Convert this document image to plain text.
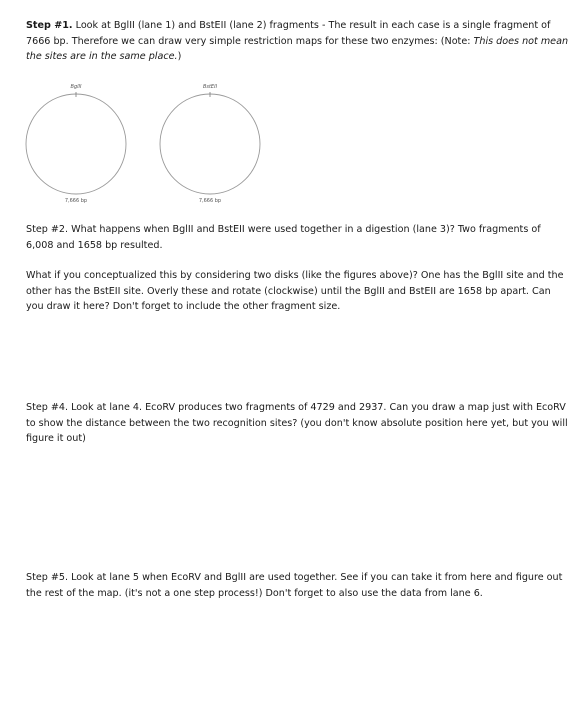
Step #1. Look at BglII (lane 1) and BstEII (lane 2) fragments - The result in each case is a single fragment of 7666 bp. Therefore we can draw very simple restriction maps for these two enzymes: (Note: This does not mean the sites are in the same place.)

BglII
7,666 bp
BstEII
7,666 bp

Step #2. What happens when BglII and BstEII were used together in a digestion (lane 3)? Two fragments of 6,008 and 1658 bp resulted.

What if you conceptualized this by considering two disks (like the figures above)? One has the BglII site and the other has the BstEII site. Overly these and rotate (clockwise) until the BglII and BstEII are 1658 bp apart. Can you draw it here? Don't forget to include the other fragment size.

Step #4. Look at lane 4. EcoRV produces two fragments of 4729 and 2937. Can you draw a map just with EcoRV to show the distance between the two recognition sites? (you don't know absolute position here yet, but you will figure it out)

Step #5. Look at lane 5 when EcoRV and BglII are used together. See if you can take it from here and figure out the rest of the map. (it's not a one step process!) Don't forget to also use the data from lane 6.
